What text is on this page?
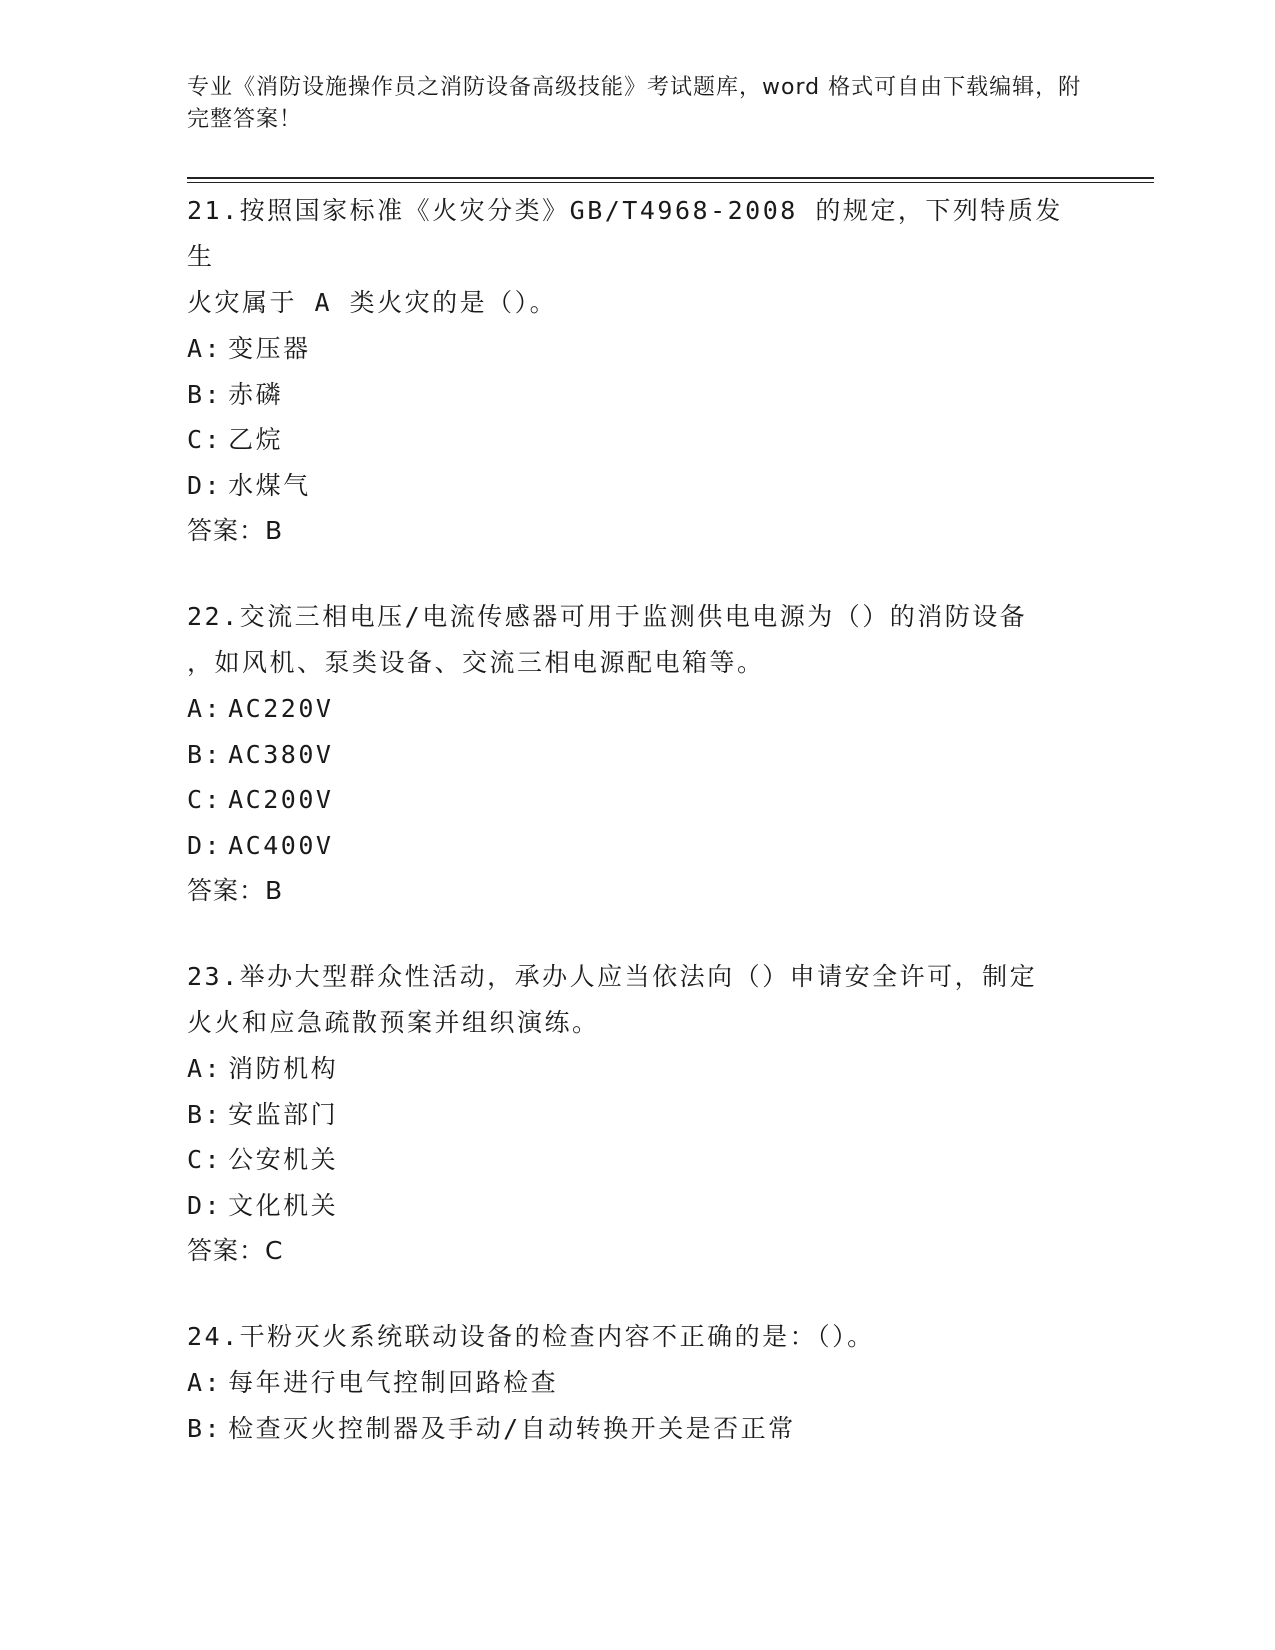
专业《消防设施操作员之消防设备高级技能》考试题库，word 格式可自由下载编辑，附完整答案！

21.按照国家标准《火灾分类》GB/T4968-2008 的规定，下列特质发生

火灾属于 A 类火灾的是（）。

A: 变压器

B: 赤磷

C: 乙烷

D: 水煤气

答案：B

22.交流三相电压/电流传感器可用于监测供电电源为（）的消防设备

，如风机、泵类设备、交流三相电源配电箱等。

A: AC220V

B: AC380V

C: AC200V

D: AC400V

答案：B

23.举办大型群众性活动，承办人应当依法向（）申请安全许可，制定

火火和应急疏散预案并组织演练。

A: 消防机构

B: 安监部门

C: 公安机关

D: 文化机关

答案：C

24.干粉灭火系统联动设备的检查内容不正确的是：（）。

A: 每年进行电气控制回路检查

B: 检查灭火控制器及手动/自动转换开关是否正常
